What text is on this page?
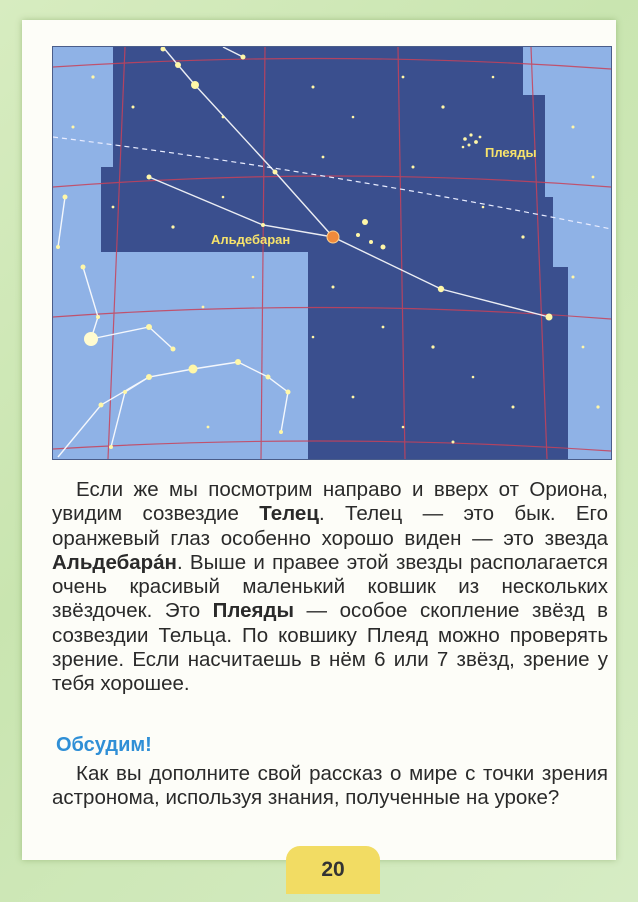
Альдебаран
Плеяды

Если же мы посмотрим направо и вверх от Ориона, увидим созвездие Телец. Телец — это бык. Его оранжевый глаз особенно хорошо виден — это звезда Альдебара́н. Выше и правее этой звезды располагается очень красивый маленький ковшик из нескольких звёздочек. Это Плеяды — особое скопление звёзд в созвездии Тельца. По ковшику Плеяд можно проверять зрение. Если насчитаешь в нём 6 или 7 звёзд, зрение у тебя хорошее.

Обсудим!

Как вы дополните свой рассказ о мире с точки зрения астронома, используя знания, полученные на уроке?

20
